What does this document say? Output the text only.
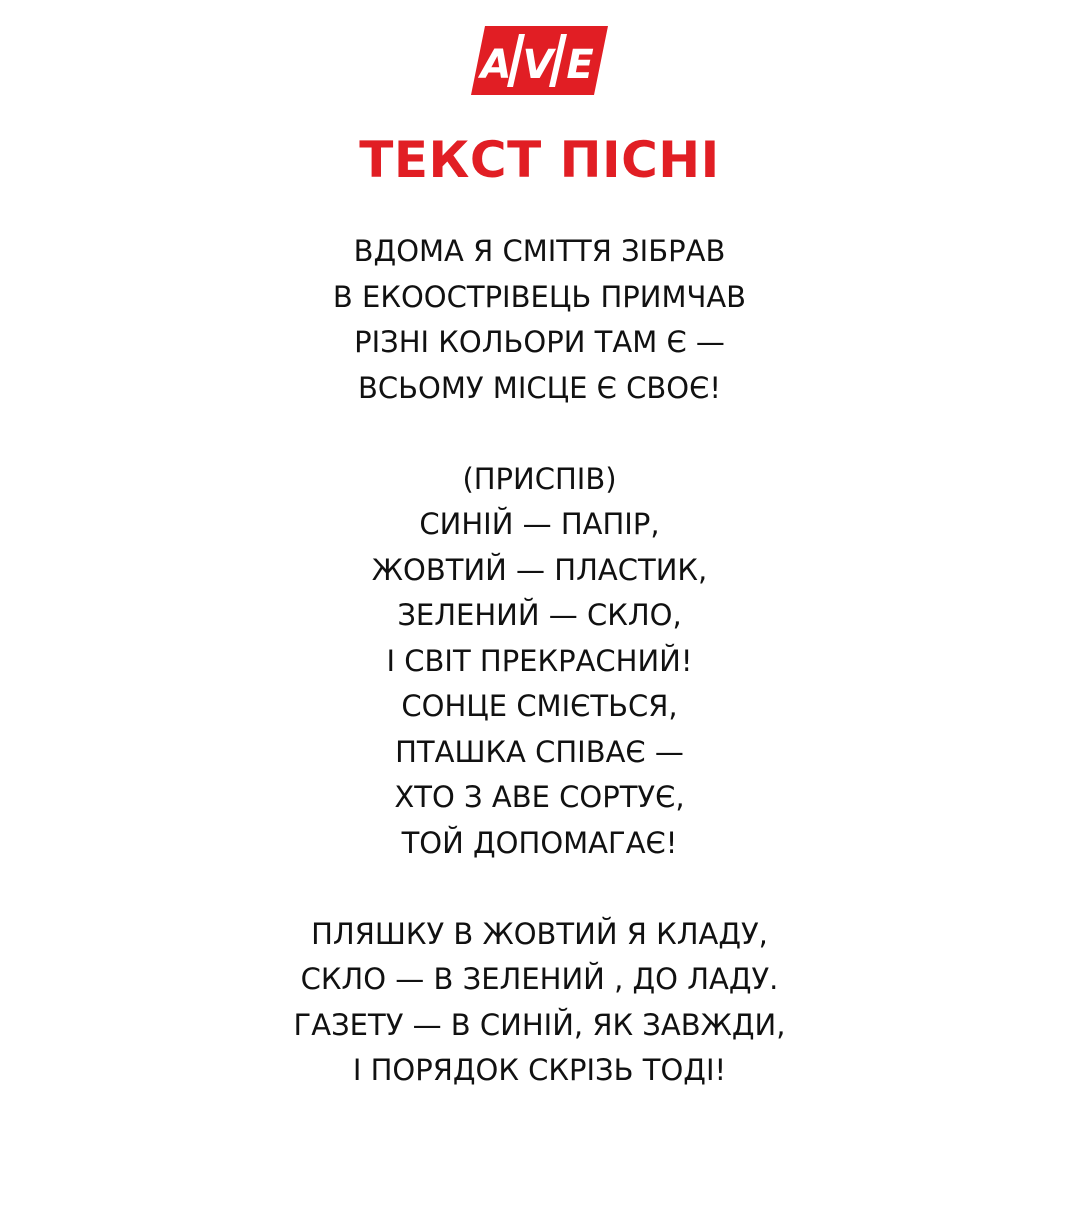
A V E
ТЕКСТ ПІСНІ
ВДОМА Я СМІТТЯ ЗІБРАВ
В ЕКООСТРІВЕЦЬ ПРИМЧАВ
РІЗНІ КОЛЬОРИ ТАМ Є —
ВСЬОМУ МІСЦЕ Є СВОЄ!
(ПРИСПІВ)
СИНІЙ — ПАПІР,
ЖОВТИЙ — ПЛАСТИК,
ЗЕЛЕНИЙ — СКЛО,
І СВІТ ПРЕКРАСНИЙ!
СОНЦЕ СМІЄТЬСЯ,
ПТАШКА СПІВАЄ —
ХТО З АВЕ СОРТУЄ,
ТОЙ ДОПОМАГАЄ!
ПЛЯШКУ В ЖОВТИЙ Я КЛАДУ,
СКЛО — В ЗЕЛЕНИЙ , ДО ЛАДУ.
ГАЗЕТУ — В СИНІЙ, ЯК ЗАВЖДИ,
І ПОРЯДОК СКРІЗЬ ТОДІ!
